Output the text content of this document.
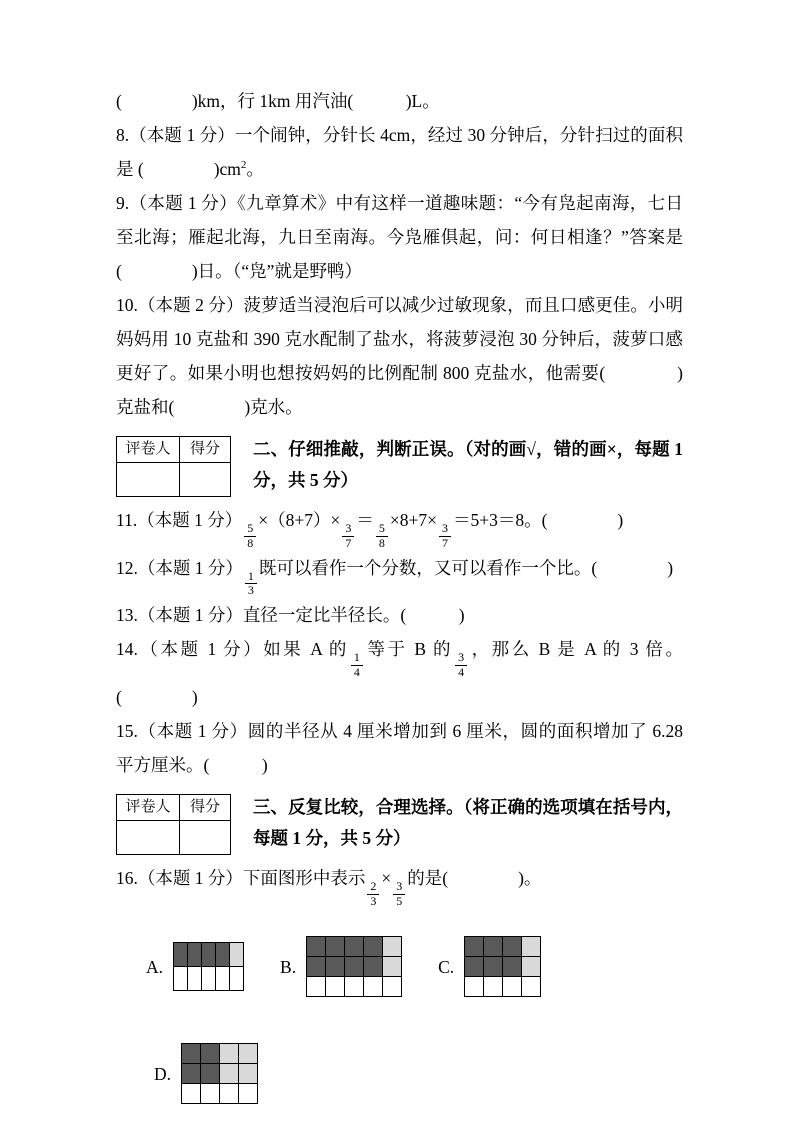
(　　　　)km，行 1km 用汽油(　　　)L。

8.（本题 1 分）一个闹钟，分针长 4cm，经过 30 分钟后，分针扫过的面积是 (　　　　)$cm^2$。

9.（本题 1 分）《九章算术》中有这样一道趣味题：“今有凫起南海，七日至北海；雁起北海，九日至南海。今凫雁俱起，问：何日相逢？”答案是(　　　　)日。（“凫”就是野鸭）

10.（本题 2 分）菠萝适当浸泡后可以减少过敏现象，而且口感更佳。小明妈妈用 10 克盐和 390 克水配制了盐水，将菠萝浸泡 30 分钟后，菠萝口感更好了。如果小明也想按妈妈的比例配制 800 克盐水，他需要(　　　　)克盐和(　　　　)克水。

评卷人	得分
	二、仔细推敲，判断正误。（对的画√，错的画×，每题 1 分，共 5 分）

11.（本题 1 分）
$\frac{5}{8}$
×（8+7）×
$\frac{3}{7}$
＝
$\frac{5}{8}$
×8+7×
$\frac{3}{7}$
＝5+3＝8。(　　　　)

12.（本题 1 分）
$\frac{1}{3}$
既可以看作一个分数，又可以看作一个比。(　　　　)

13.（本题 1 分）直径一定比半径长。(　　　)

14.（本题 1 分）如果 A 的
$\frac{1}{4}$
等于 B 的
$\frac{3}{4}$
，那么 B 是 A 的 3 倍。(　　　　)

15.（本题 1 分）圆的半径从 4 厘米增加到 6 厘米，圆的面积增加了 6.28 平方厘米。(　　　)

评卷人	得分
	三、反复比较，合理选择。（将正确的选项填在括号内，每题 1 分，共 5 分）

16.（本题 1 分）下面图形中表示
$\frac{2}{3}$
×
$\frac{3}{5}$
的是(　　　　)。

A.	B.	C.
D.
